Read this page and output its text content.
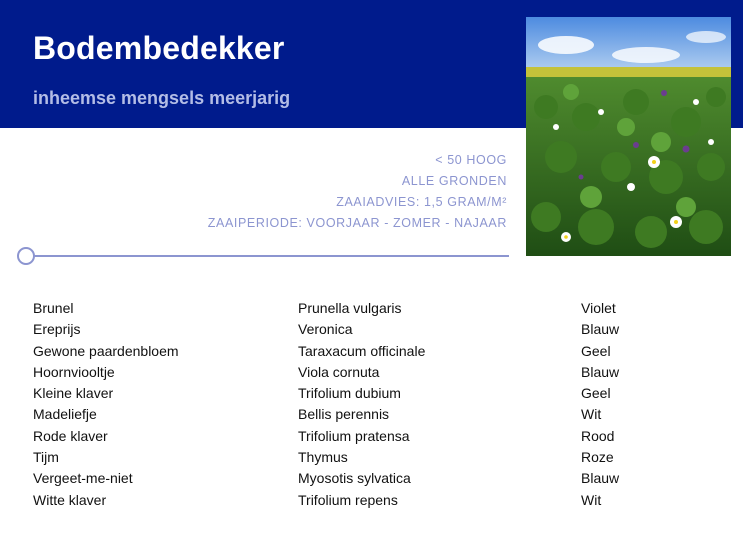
Bodembedekker
inheemse mengsels meerjarig
< 50 HOOG
ALLE GRONDEN
ZAAIADVIES: 1,5 GRAM/M²
ZAAIPERIODE: VOORJAAR - ZOMER - NAJAAR
Brunel	Prunella vulgaris	Violet
Ereprijs	Veronica	Blauw
Gewone paardenbloem	Taraxacum officinale	Geel
Hoornviooltje	Viola cornuta	Blauw
Kleine klaver	Trifolium dubium	Geel
Madeliefje	Bellis perennis	Wit
Rode klaver	Trifolium pratensa	Rood
Tijm	Thymus	Roze
Vergeet-me-niet	Myosotis sylvatica	Blauw
Witte klaver	Trifolium repens	Wit
